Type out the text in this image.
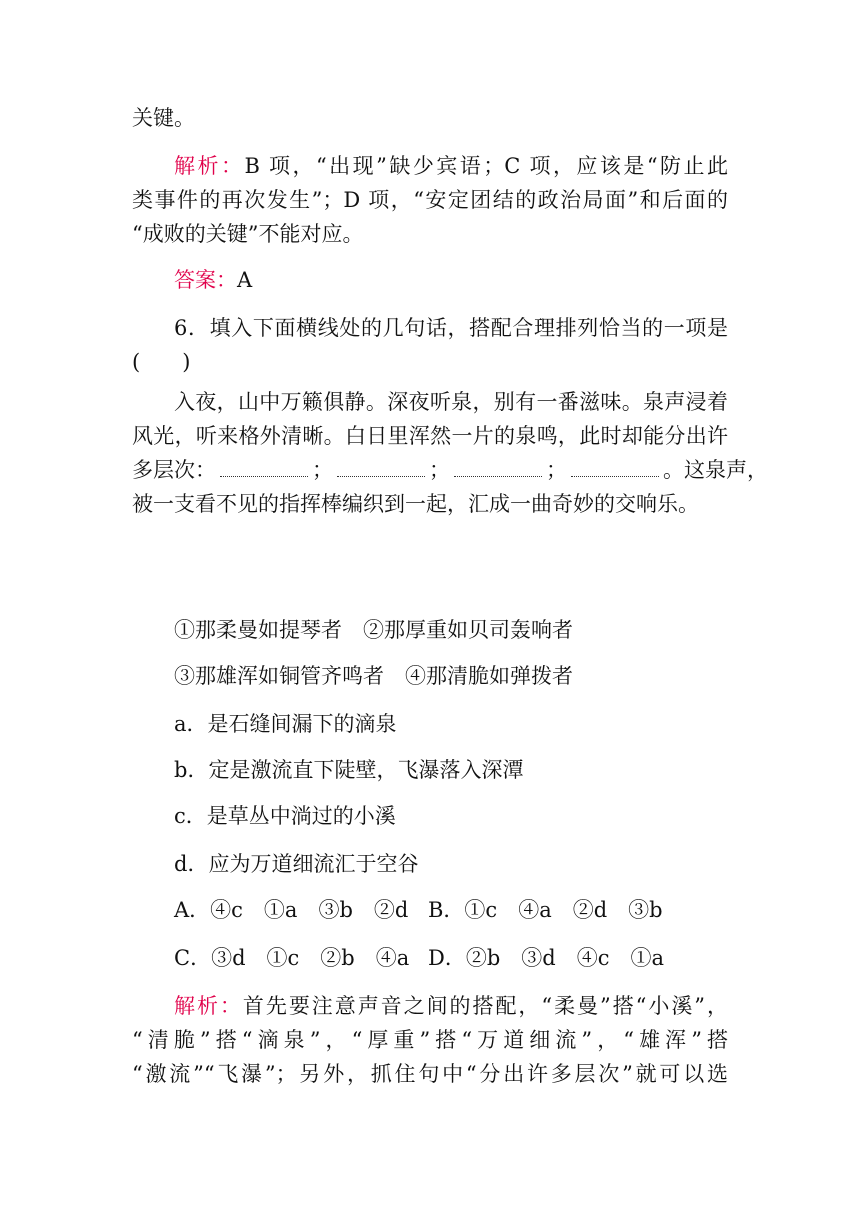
关键。
解析：B 项，“出现”缺少宾语；C 项，应该是“防止此
类事件的再次发生”；D 项，“安定团结的政治局面”和后面的
“成败的关键”不能对应。
答案：A
6．填入下面横线处的几句话，搭配合理排列恰当的一项是
(　　)
入夜，山中万籁俱静。深夜听泉，别有一番滋味。泉声浸着
风光，听来格外清晰。白日里浑然一片的泉鸣，此时却能分出许
多层次：	；	；	；	。这泉声，
被一支看不见的指挥棒编织到一起，汇成一曲奇妙的交响乐。
①那柔曼如提琴者　②那厚重如贝司轰响者
③那雄浑如铜管齐鸣者　④那清脆如弹拨者
a．是石缝间漏下的滴泉
b．定是激流直下陡壁，飞瀑落入深潭
c．是草丛中淌过的小溪
d．应为万道细流汇于空谷
A．④c　①a　③b　②d B．①c　④a　②d　③b
C．③d　①c　②b　④a D．②b　③d　④c　①a
解析：首先要注意声音之间的搭配，“柔曼”搭“小溪”，
“清脆”搭“滴泉”，“厚重”搭“万道细流”，“雄浑”搭
“激流”“飞瀑”；另外，抓住句中“分出许多层次”就可以选
